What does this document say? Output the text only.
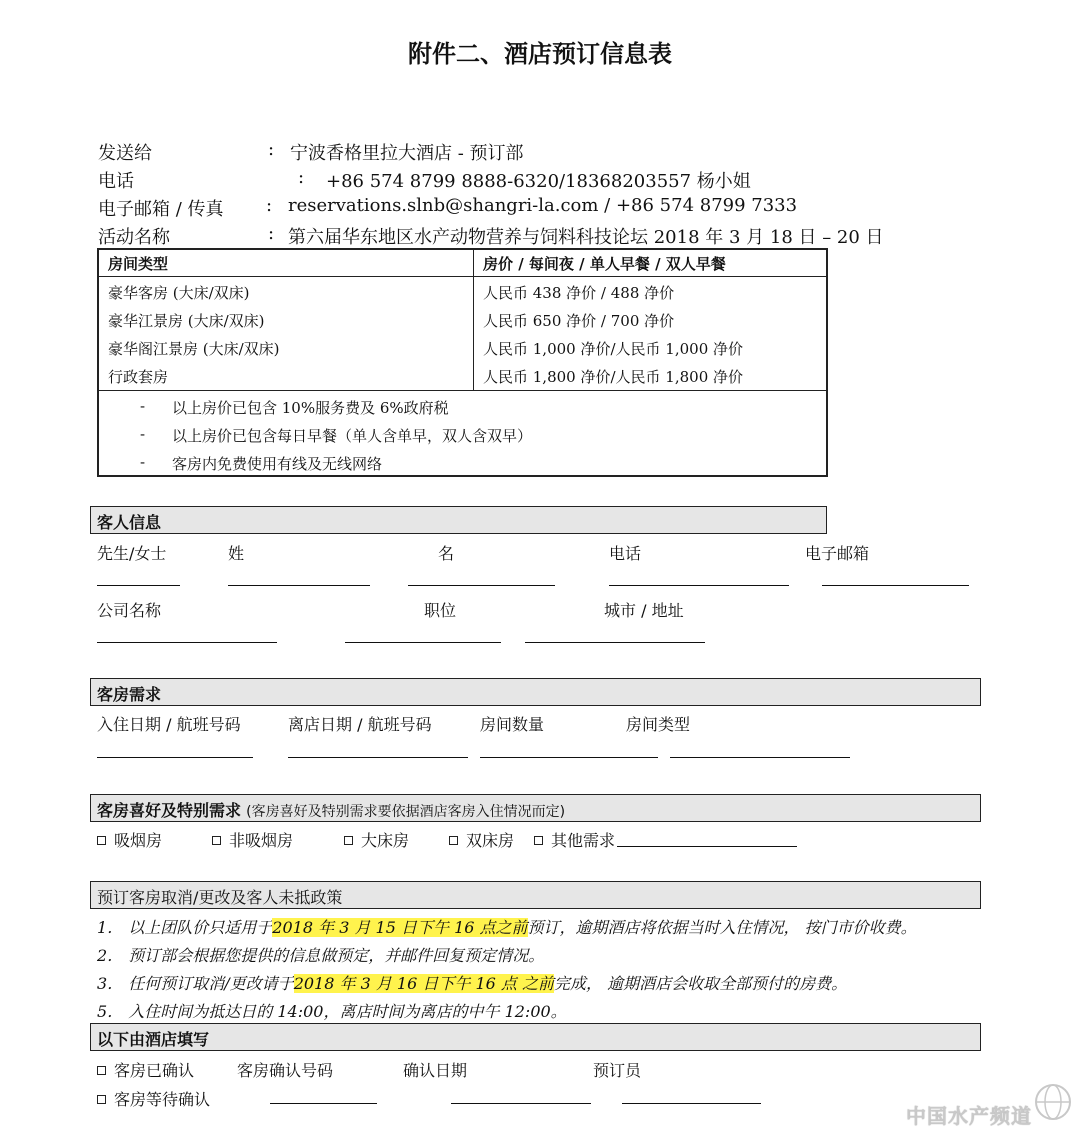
附件二、酒店预订信息表
发送给	: 宁波香格里拉大酒店 - 预订部
电话	: +86 574 8799 8888-6320/18368203557 杨小姐
电子邮箱 / 传真 : reservations.slnb@shangri-la.com / +86 574 8799 7333
活动名称	: 第六届华东地区水产动物营养与饲料科技论坛 2018 年 3 月 18 日 – 20 日
房间类型	房价 / 每间夜 / 单人早餐 / 双人早餐
豪华客房 (大床/双床)	人民币 438 净价 / 488 净价
豪华江景房 (大床/双床)	人民币 650 净价 / 700 净价
豪华阁江景房 (大床/双床)	人民币 1,000 净价/人民币 1,000 净价
行政套房	人民币 1,800 净价/人民币 1,800 净价
- 以上房价已包含 10%服务费及 6%政府税
- 以上房价已包含每日早餐（单人含单早，双人含双早）
- 客房内免费使用有线及无线网络
客人信息
先生/女士	姓	名	电话	电子邮箱
公司名称	职位	城市 / 地址
客房需求
入住日期 / 航班号码	离店日期 / 航班号码	房间数量	房间类型
客房喜好及特别需求 (客房喜好及特别需求要依据酒店客房入住情况而定)
吸烟房	非吸烟房	大床房	双床房	其他需求
预订客房取消/更改及客人未抵政策
1． 以上团队价只适用于2018 年 3 月 15 日下午 16 点之前预订，逾期酒店将依据当时入住情况， 按门市价收费。
2． 预订部会根据您提供的信息做预定，并邮件回复预定情况。
3． 任何预订取消/更改请于2018 年 3 月 16 日下午 16 点 之前完成， 逾期酒店会收取全部预付的房费。
5． 入住时间为抵达日的 14:00，离店时间为离店的中午 12:00。
以下由酒店填写
客房已确认	客房确认号码	确认日期	预订员
客房等待确认
中国水产频道
